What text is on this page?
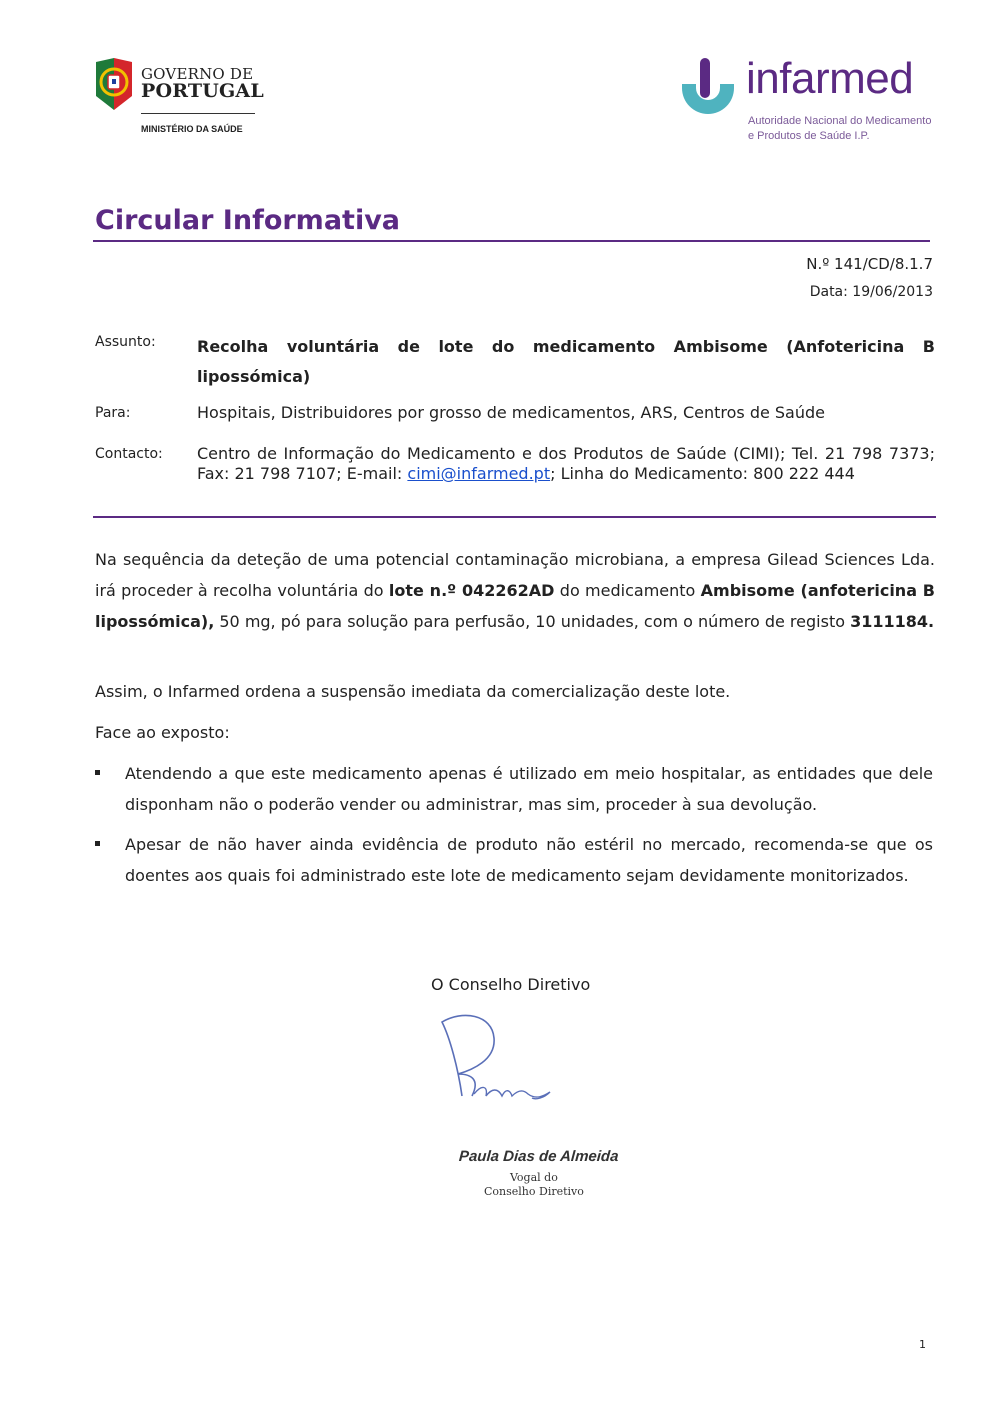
GOVERNO DE
PORTUGAL
MINISTÉRIO DA SAÚDE
infarmed
Autoridade Nacional do Medicamento
e Produtos de Saúde I.P.
Circular Informativa
N.º 141/CD/8.1.7
Data: 19/06/2013
Assunto:	Recolha voluntária de lote do medicamento Ambisome (Anfotericina B lipossómica)
Para:	Hospitais, Distribuidores por grosso de medicamentos, ARS, Centros de Saúde
Contacto: Centro de Informação do Medicamento e dos Produtos de Saúde (CIMI); Tel. 21 798 7373; Fax: 21 798 7107; E-mail: cimi@infarmed.pt; Linha do Medicamento: 800 222 444
Na sequência da deteção de uma potencial contaminação microbiana, a empresa Gilead Sciences Lda. irá proceder à recolha voluntária do lote n.º 042262AD do medicamento Ambisome (anfotericina B lipossómica), 50 mg, pó para solução para perfusão, 10 unidades, com o número de registo 3111184.
Assim, o Infarmed ordena a suspensão imediata da comercialização deste lote.
Face ao exposto:
Atendendo a que este medicamento apenas é utilizado em meio hospitalar, as entidades que dele disponham não o poderão vender ou administrar, mas sim, proceder à sua devolução.
Apesar de não haver ainda evidência de produto não estéril no mercado, recomenda-se que os doentes aos quais foi administrado este lote de medicamento sejam devidamente monitorizados.
O Conselho Diretivo
Paula Dias de Almeida
Vogal do
Conselho Diretivo
1
